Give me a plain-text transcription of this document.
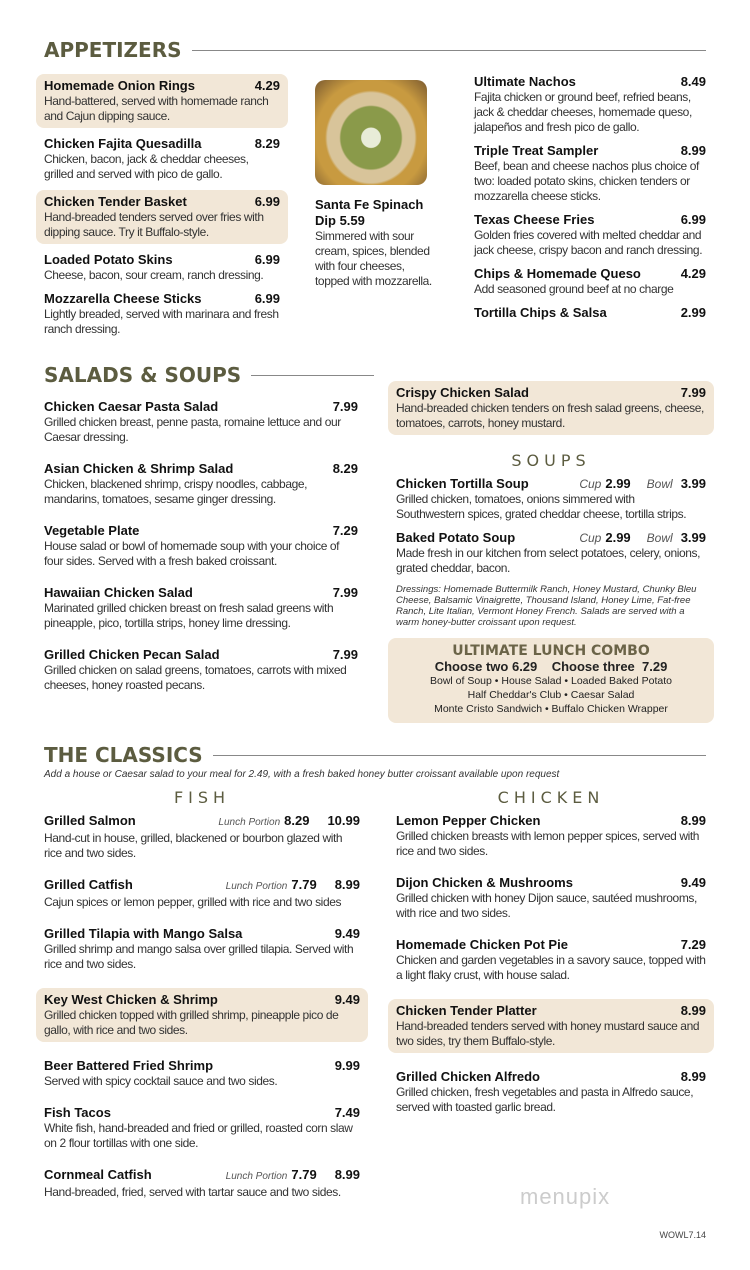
APPETIZERS
Homemade Onion Rings	4.29
Hand-battered, served with homemade ranch and Cajun dipping sauce.
Chicken Fajita Quesadilla	8.29
Chicken, bacon, jack & cheddar cheeses, grilled and served with pico de gallo.
Chicken Tender Basket	6.99
Hand-breaded tenders served over fries with dipping sauce. Try it Buffalo-style.
Loaded Potato Skins	6.99
Cheese, bacon, sour cream, ranch dressing.
Mozzarella Cheese Sticks	6.99
Lightly breaded, served with marinara and fresh ranch dressing.
Santa Fe Spinach Dip 5.59
Simmered with sour cream, spices, blended with four cheeses, topped with mozzarella.
Ultimate Nachos	8.49
Fajita chicken or ground beef, refried beans, jack & cheddar cheeses, homemade queso, jalapeños and fresh pico de gallo.
Triple Treat Sampler	8.99
Beef, bean and cheese nachos plus choice of two: loaded potato skins, chicken tenders or mozzarella cheese sticks.
Texas Cheese Fries	6.99
Golden fries covered with melted cheddar and jack cheese, crispy bacon and ranch dressing.
Chips & Homemade Queso	4.29
Add seasoned ground beef at no charge
Tortilla Chips & Salsa	2.99
SALADS & SOUPS
Chicken Caesar Pasta Salad	7.99
Grilled chicken breast, penne pasta, romaine lettuce and our Caesar dressing.
Asian Chicken & Shrimp Salad	8.29
Chicken, blackened shrimp, crispy noodles, cabbage, mandarins, tomatoes, sesame ginger dressing.
Vegetable Plate	7.29
House salad or bowl of homemade soup with your choice of four sides. Served with a fresh baked croissant.
Hawaiian Chicken Salad	7.99
Marinated grilled chicken breast on fresh salad greens with pineapple, pico, tortilla strips, honey lime dressing.
Grilled Chicken Pecan Salad	7.99
Grilled chicken on salad greens, tomatoes, carrots with mixed cheeses, honey roasted pecans.
Crispy Chicken Salad	7.99
Hand-breaded chicken tenders on fresh salad greens, cheese, tomatoes, carrots, honey mustard.
SOUPS
Chicken Tortilla Soup	Cup 2.99 Bowl 3.99
Grilled chicken, tomatoes, onions simmered with Southwestern spices, grated cheddar cheese, tortilla strips.
Baked Potato Soup	Cup 2.99 Bowl 3.99
Made fresh in our kitchen from select potatoes, celery, onions, grated cheddar, bacon.
Dressings: Homemade Buttermilk Ranch, Honey Mustard, Chunky Bleu Cheese, Balsamic Vinaigrette, Thousand Island, Honey Lime, Fat-free Ranch, Lite Italian, Vermont Honey French. Salads are served with a warm honey-butter croissant upon request.
ULTIMATE LUNCH COMBO
Choose two 6.29    Choose three  7.29
Bowl of Soup • House Salad • Loaded Baked Potato
Half Cheddar's Club • Caesar Salad
Monte Cristo Sandwich • Buffalo Chicken Wrapper
THE CLASSICS
Add a house or Caesar salad to your meal for 2.49, with a fresh baked honey butter croissant available upon request
FISH
Grilled Salmon	Lunch Portion 8.29 10.99
Hand-cut in house, grilled, blackened or bourbon glazed with rice and two sides.
Grilled Catfish	Lunch Portion 7.79 8.99
Cajun spices or lemon pepper, grilled with rice and two sides
Grilled Tilapia with Mango Salsa	9.49
Grilled shrimp and mango salsa over grilled tilapia. Served with rice and two sides.
Key West Chicken & Shrimp	9.49
Grilled chicken topped with grilled shrimp, pineapple pico de gallo, with rice and two sides.
Beer Battered Fried Shrimp	9.99
Served with spicy cocktail sauce and two sides.
Fish Tacos	7.49
White fish, hand-breaded and fried or grilled, roasted corn slaw on 2 flour tortillas with one side.
Cornmeal Catfish	Lunch Portion 7.79 8.99
Hand-breaded, fried, served with tartar sauce and two sides.
CHICKEN
Lemon Pepper Chicken	8.99
Grilled chicken breasts with lemon pepper spices, served with rice and two sides.
Dijon Chicken & Mushrooms	9.49
Grilled chicken with honey Dijon sauce, sautéed mushrooms, with rice and two sides.
Homemade Chicken Pot Pie	7.29
Chicken and garden vegetables in a savory sauce, topped with a light flaky crust, with house salad.
Chicken Tender Platter	8.99
Hand-breaded tenders served with honey mustard sauce and two sides, try them Buffalo-style.
Grilled Chicken Alfredo	8.99
Grilled chicken, fresh vegetables and pasta in Alfredo sauce, served with toasted garlic bread.
WOWL7.14
menupix
